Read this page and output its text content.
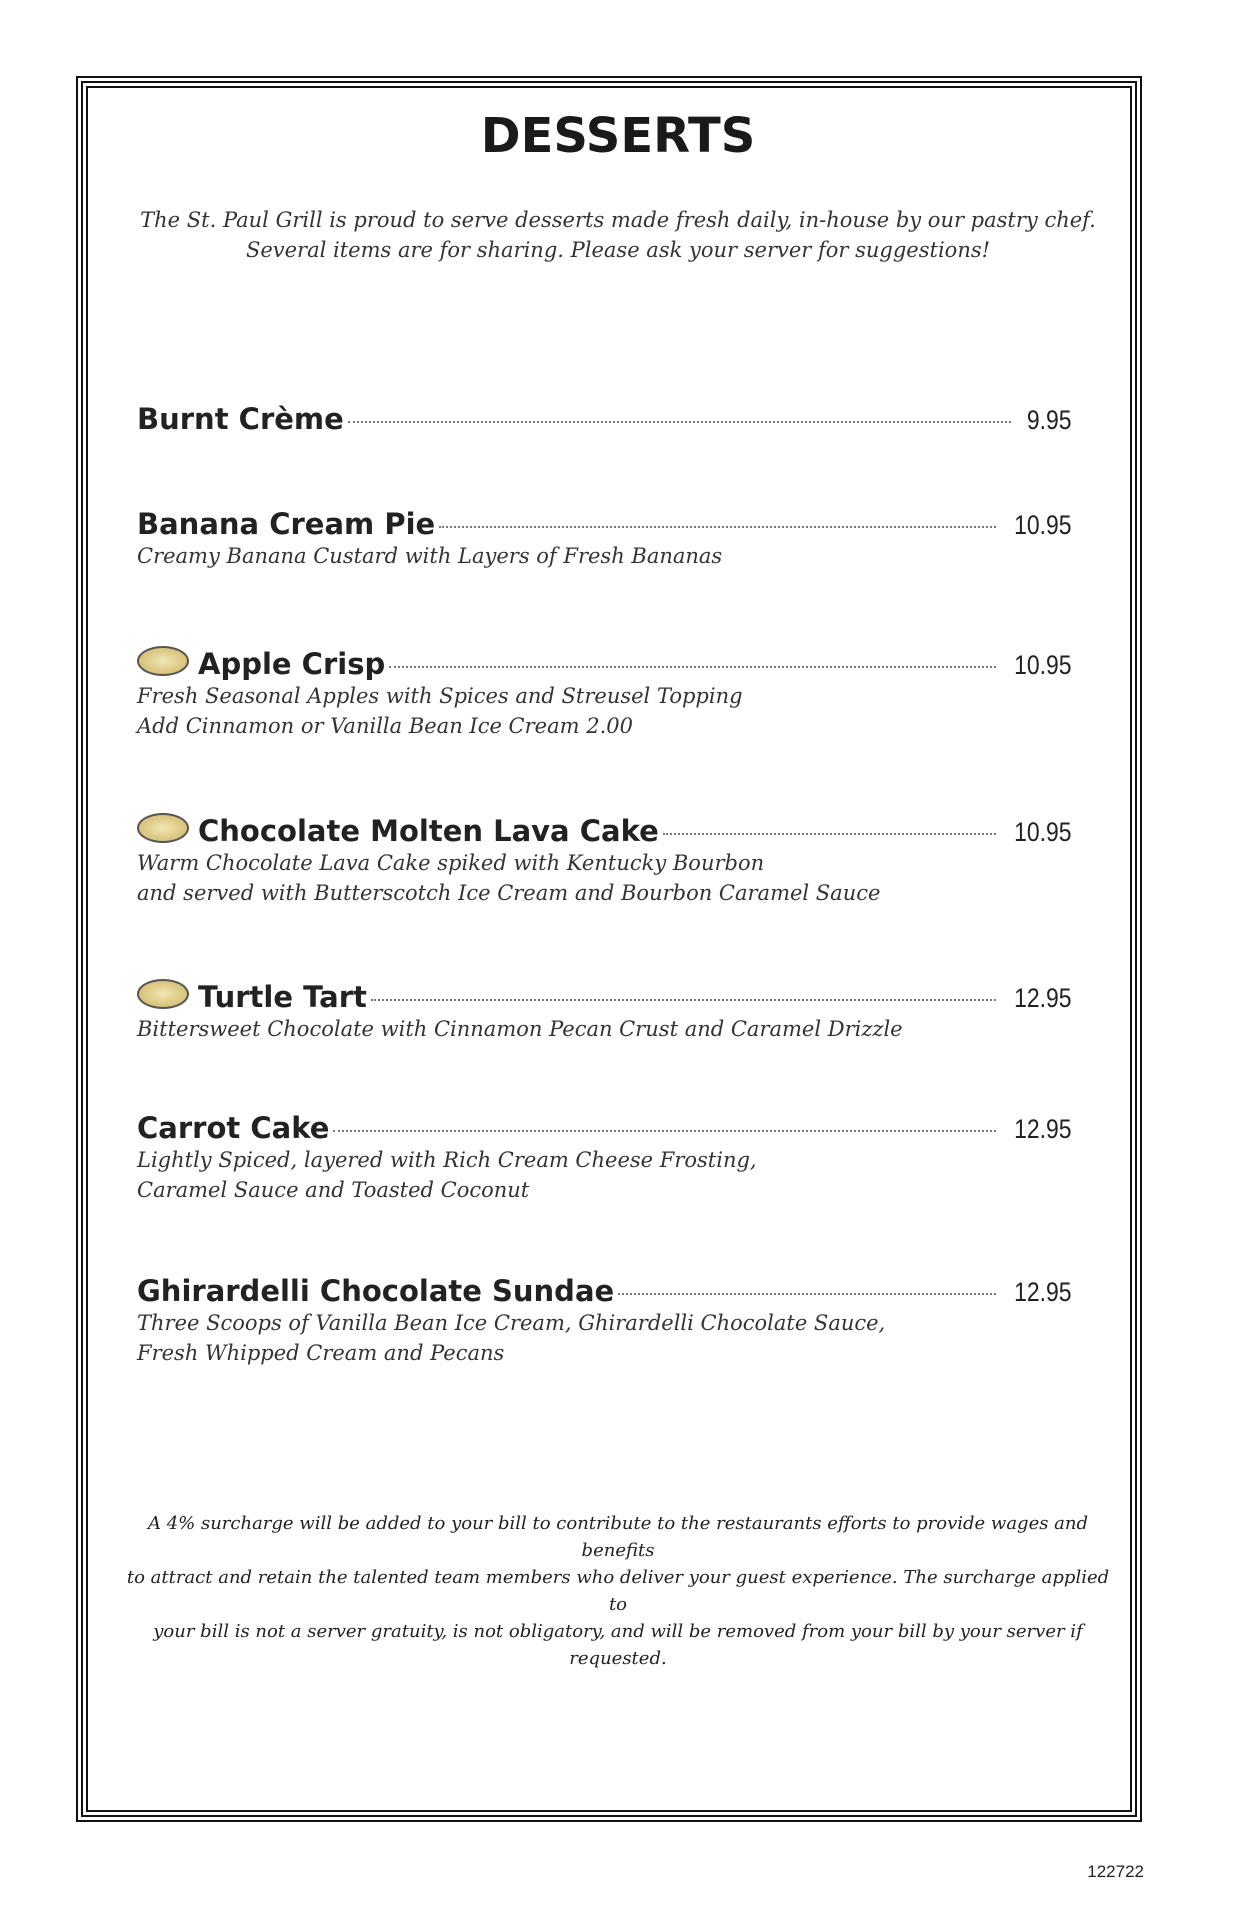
DESSERTS
The St. Paul Grill is proud to serve desserts made fresh daily, in-house by our pastry chef.
Several items are for sharing. Please ask your server for suggestions!
Burnt Crème	9.95
Banana Cream Pie	10.95
Creamy Banana Custard with Layers of Fresh Bananas
Apple Crisp	10.95
Fresh Seasonal Apples with Spices and Streusel Topping
Add Cinnamon or Vanilla Bean Ice Cream 2.00
Chocolate Molten Lava Cake	10.95
Warm Chocolate Lava Cake spiked with Kentucky Bourbon
and served with Butterscotch Ice Cream and Bourbon Caramel Sauce
Turtle Tart	12.95
Bittersweet Chocolate with Cinnamon Pecan Crust and Caramel Drizzle
Carrot Cake	12.95
Lightly Spiced, layered with Rich Cream Cheese Frosting,
Caramel Sauce and Toasted Coconut
Ghirardelli Chocolate Sundae	12.95
Three Scoops of Vanilla Bean Ice Cream, Ghirardelli Chocolate Sauce,
Fresh Whipped Cream and Pecans
A 4% surcharge will be added to your bill to contribute to the restaurants efforts to provide wages and benefits
to attract and retain the talented team members who deliver your guest experience. The surcharge applied to
your bill is not a server gratuity, is not obligatory, and will be removed from your bill by your server if requested.
122722
